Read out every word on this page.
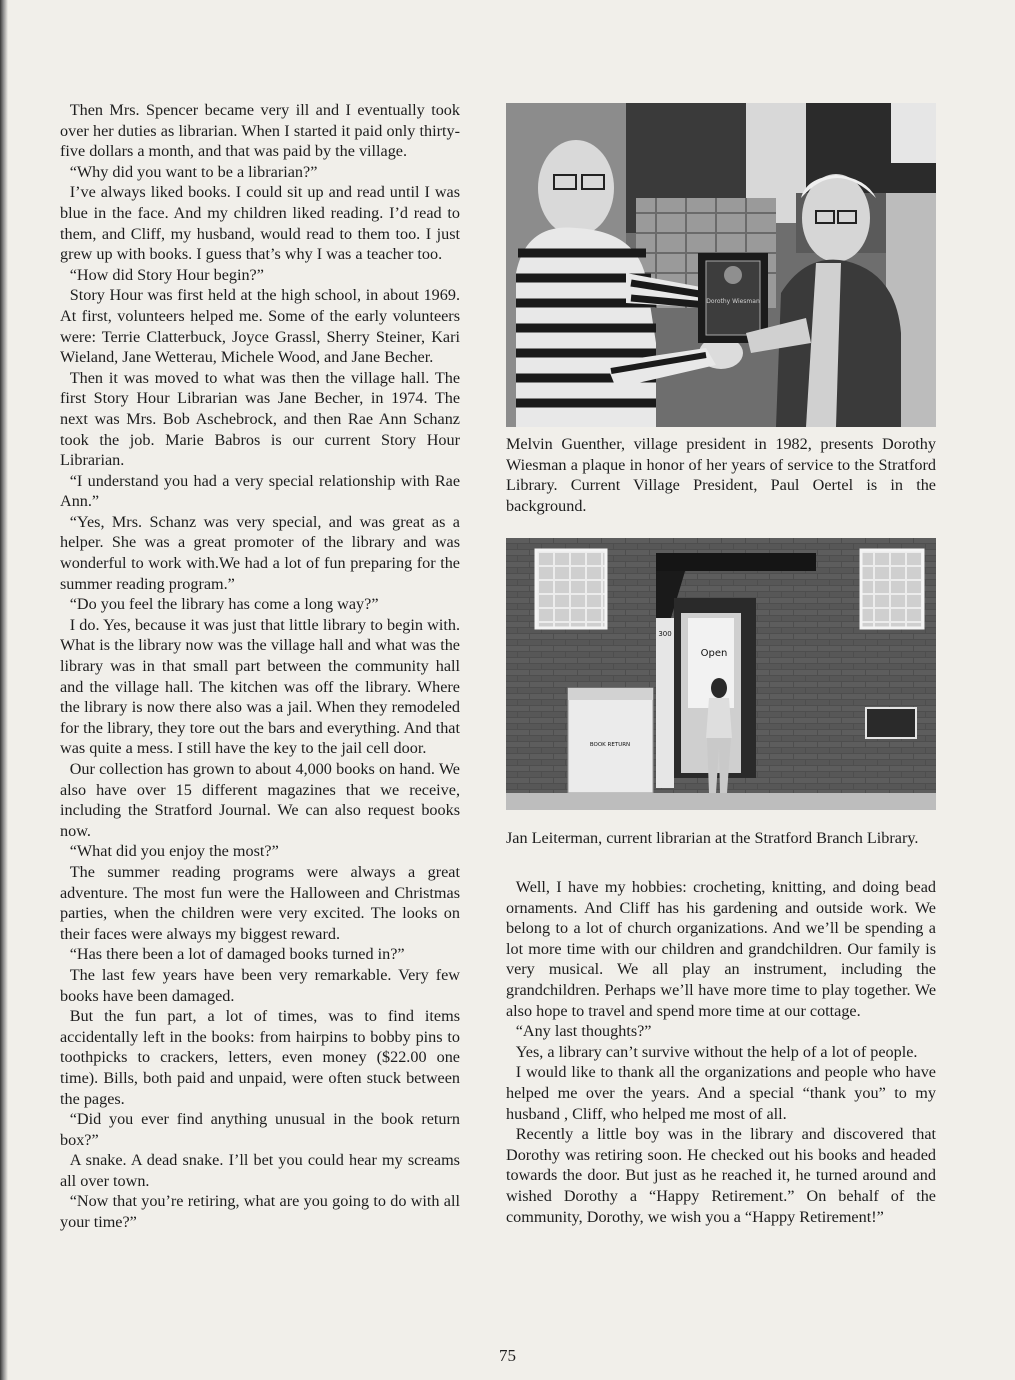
Then Mrs. Spencer became very ill and I eventually took over her duties as librarian. When I started it paid only thirty-five dollars a month, and that was paid by the village.

“Why did you want to be a librarian?”

I’ve always liked books. I could sit up and read until I was blue in the face. And my children liked reading. I’d read to them, and Cliff, my husband, would read to them too. I just grew up with books. I guess that’s why I was a teacher too.

“How did Story Hour begin?”

Story Hour was first held at the high school, in about 1969. At first, volunteers helped me. Some of the early volunteers were: Terrie Clatterbuck, Joyce Grassl, Sherry Steiner, Kari Wieland, Jane Wetterau, Michele Wood, and Jane Becher.

Then it was moved to what was then the village hall. The first Story Hour Librarian was Jane Becher, in 1974. The next was Mrs. Bob Aschebrock, and then Rae Ann Schanz took the job. Marie Babros is our current Story Hour Librarian.

“I understand you had a very special relationship with Rae Ann.”

“Yes, Mrs. Schanz was very special, and was great as a helper. She was a great promoter of the library and was wonderful to work with.We had a lot of fun preparing for the summer reading program.”

“Do you feel the library has come a long way?”

I do. Yes, because it was just that little library to begin with. What is the library now was the village hall and what was the library was in that small part between the community hall and the village hall. The kitchen was off the library. Where the library is now there also was a jail. When they remodeled for the library, they tore out the bars and everything. And that was quite a mess. I still have the key to the jail cell door.

Our collection has grown to about 4,000 books on hand. We also have over 15 different magazines that we receive, including the Stratford Journal. We can also request books now.

“What did you enjoy the most?”

The summer reading programs were always a great adventure. The most fun were the Halloween and Christmas parties, when the children were very excited. The looks on their faces were always my biggest reward.

“Has there been a lot of damaged books turned in?”

The last few years have been very remarkable. Very few books have been damaged.

But the fun part, a lot of times, was to find items accidentally left in the books: from hairpins to bobby pins to toothpicks to crackers, letters, even money ($22.00 one time). Bills, both paid and unpaid, were often stuck between the pages.

“Did you ever find anything unusual in the book return box?”

A snake. A dead snake. I’ll bet you could hear my screams all over town.

“Now that you’re retiring, what are you going to do with all your time?”

Dorothy Wiesman
Melvin Guenther, village president in 1982, presents Dorothy Wiesman a plaque in honor of her years of service to the Stratford Library. Current Village President, Paul Oertel is in the background.
300
Open
BOOK RETURN
Jan Leiterman, current librarian at the Stratford Branch Library.

Well, I have my hobbies: crocheting, knitting, and doing bead ornaments. And Cliff has his gardening and outside work. We belong to a lot of church organizations. And we’ll be spending a lot more time with our children and grandchildren. Our family is very musical. We all play an instrument, including the grandchildren. Perhaps we’ll have more time to play together. We also hope to travel and spend more time at our cottage.

“Any last thoughts?”

Yes, a library can’t survive without the help of a lot of people.

I would like to thank all the organizations and people who have helped me over the years. And a special “thank you” to my husband , Cliff, who helped me most of all.

Recently a little boy was in the library and discovered that Dorothy was retiring soon. He checked out his books and headed towards the door. But just as he reached it, he turned around and wished Dorothy a “Happy Retirement.” On behalf of the community, Dorothy, we wish you a “Happy Retirement!”

75
